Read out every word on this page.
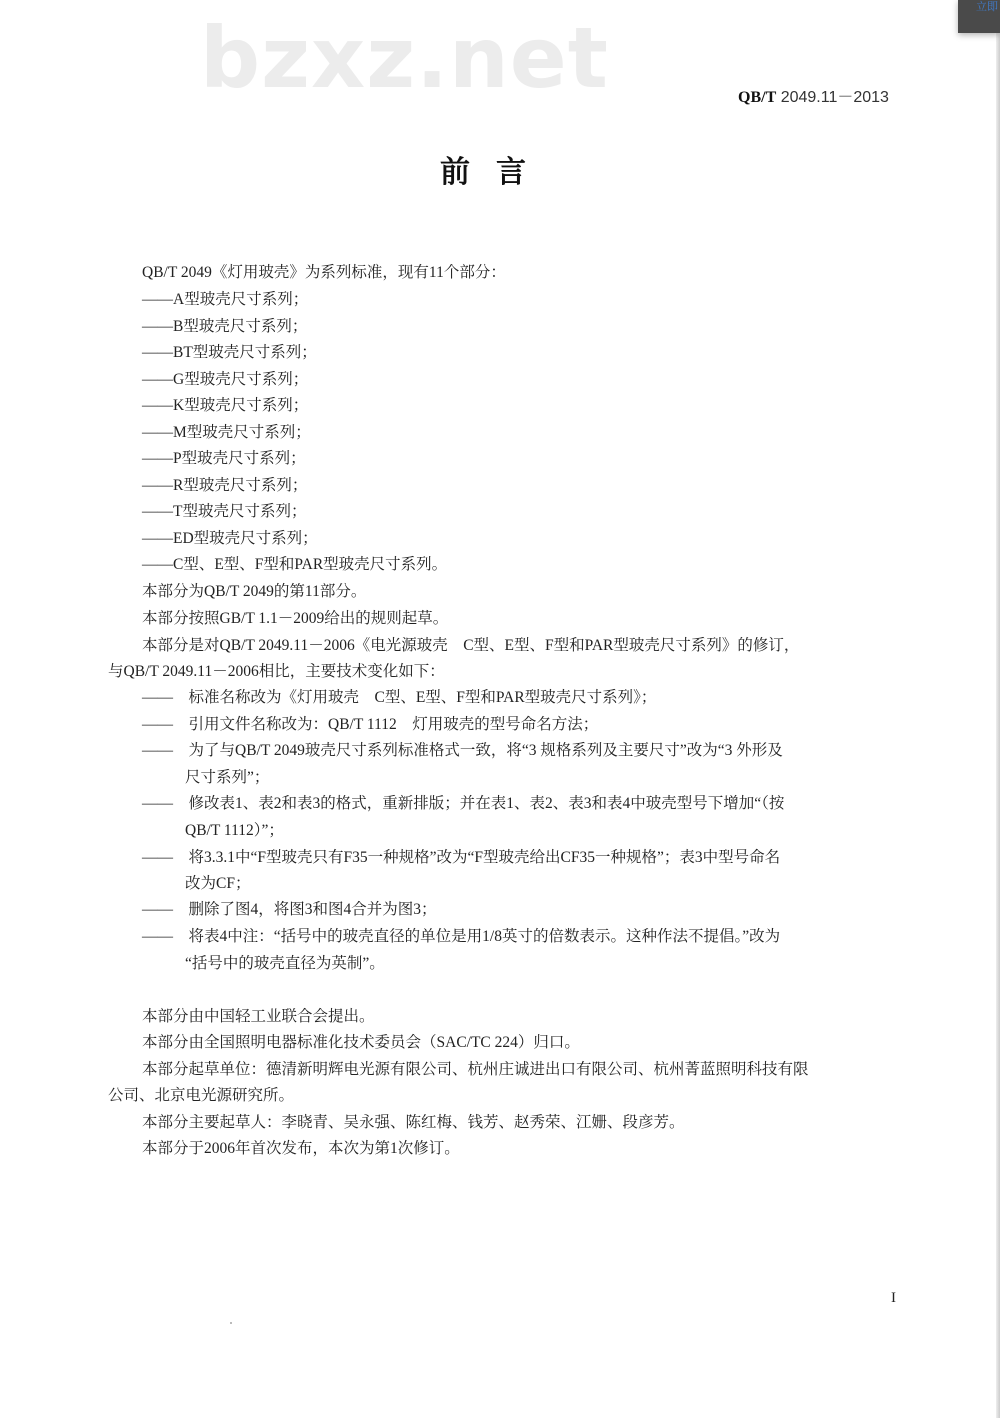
立即
QB/T 2049.11－2013
bzxz.net
前言
QB/T 2049《灯用玻壳》为系列标准，现有11个部分：
——A型玻壳尺寸系列；
——B型玻壳尺寸系列；
——BT型玻壳尺寸系列；
——G型玻壳尺寸系列；
——K型玻壳尺寸系列；
——M型玻壳尺寸系列；
——P型玻壳尺寸系列；
——R型玻壳尺寸系列；
——T型玻壳尺寸系列；
——ED型玻壳尺寸系列；
——C型、E型、F型和PAR型玻壳尺寸系列。
本部分为QB/T 2049的第11部分。
本部分按照GB/T 1.1－2009给出的规则起草。
本部分是对QB/T 2049.11－2006《电光源玻壳　C型、E型、F型和PAR型玻壳尺寸系列》的修订，
与QB/T 2049.11－2006相比，主要技术变化如下：
——　标准名称改为《灯用玻壳　C型、E型、F型和PAR型玻壳尺寸系列》；
——　引用文件名称改为：QB/T 1112　灯用玻壳的型号命名方法；
——　为了与QB/T 2049玻壳尺寸系列标准格式一致，将“3 规格系列及主要尺寸”改为“3 外形及
尺寸系列”；
——　修改表1、表2和表3的格式，重新排版；并在表1、表2、表3和表4中玻壳型号下增加“（按
QB/T 1112）”；
——　将3.3.1中“F型玻壳只有F35一种规格”改为“F型玻壳给出CF35一种规格”；表3中型号命名
改为CF；
——　删除了图4，将图3和图4合并为图3；
——　将表4中注：“括号中的玻壳直径的单位是用1/8英寸的倍数表示。这种作法不提倡。”改为
“括号中的玻壳直径为英制”。
本部分由中国轻工业联合会提出。
本部分由全国照明电器标准化技术委员会（SAC/TC 224）归口。
本部分起草单位：德清新明辉电光源有限公司、杭州庄诚进出口有限公司、杭州菁蓝照明科技有限
公司、北京电光源研究所。
本部分主要起草人：李晓青、吴永强、陈红梅、钱芳、赵秀荣、江姗、段彦芳。
本部分于2006年首次发布，本次为第1次修订。
I
